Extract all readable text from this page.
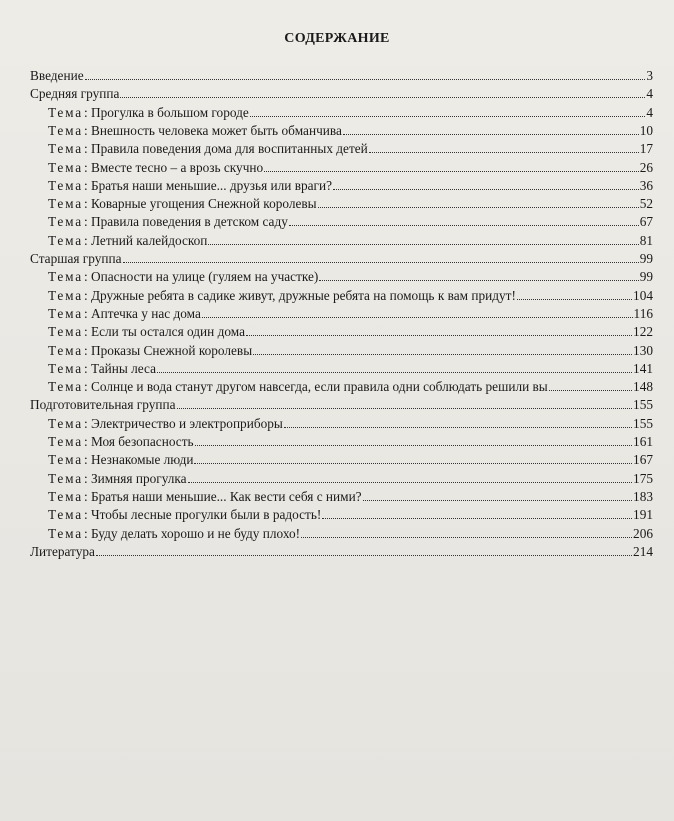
СОДЕРЖАНИЕ
Введение	3
Средняя группа	4
Тема: Прогулка в большом городе	4
Тема: Внешность человека может быть обманчива	10
Тема: Правила поведения дома для воспитанных детей	17
Тема: Вместе тесно – а врозь скучно	26
Тема: Братья наши меньшие... друзья или враги?	36
Тема: Коварные угощения Снежной королевы	52
Тема: Правила поведения в детском саду	67
Тема: Летний калейдоскоп	81
Старшая группа	99
Тема: Опасности на улице (гуляем на участке)	99
Тема: Дружные ребята в садике живут, дружные ребята на помощь к вам придут!	104
Тема: Аптечка у нас дома	116
Тема: Если ты остался один дома	122
Тема: Проказы Снежной королевы	130
Тема: Тайны леса	141
Тема: Солнце и вода станут другом навсегда, если правила одни соблюдать решили вы	148
Подготовительная группа	155
Тема: Электричество и электроприборы	155
Тема: Моя безопасность	161
Тема: Незнакомые люди	167
Тема: Зимняя прогулка	175
Тема: Братья наши меньшие... Как вести себя с ними?	183
Тема: Чтобы лесные прогулки были в радость!	191
Тема: Буду делать хорошо и не буду плохо!	206
Литература	214
